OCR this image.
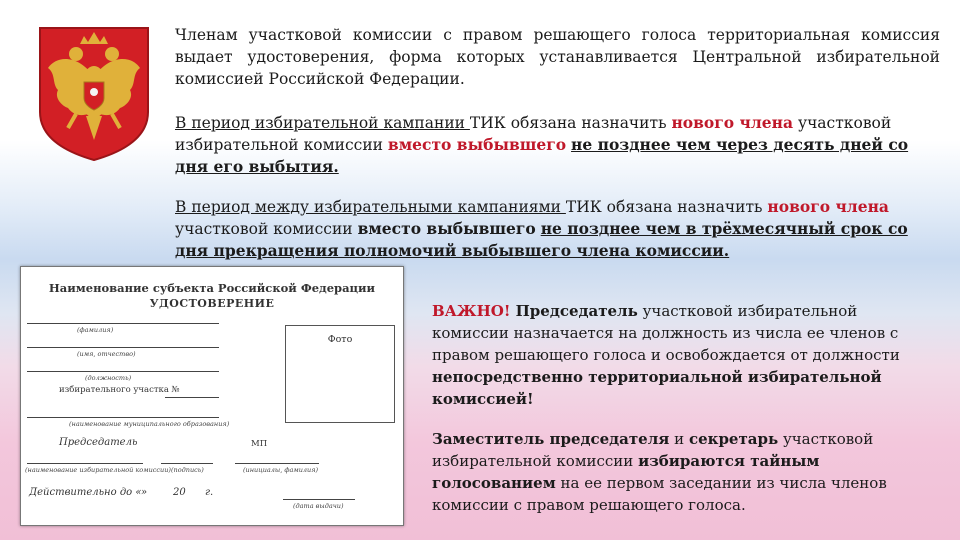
Членам участковой комиссии с правом решающего голоса территориальная комиссия выдает удостоверения, форма которых устанавливается Центральной избирательной комиссией Российской Федерации.
В период избирательной кампании ТИК обязана назначить нового члена участковой избирательной комиссии вместо выбывшего не позднее чем через десять дней со дня его выбытия.
В период между избирательными кампаниями ТИК обязана назначить нового члена участковой комиссии вместо выбывшего не позднее чем в трёхмесячный срок со дня прекращения полномочий выбывшего члена комиссии.
Наименование субъекта Российской Федерации
УДОСТОВЕРЕНИЕ
(фамилия)
(имя, отчество)
(должность)
избирательного участка №
(наименование муниципального образования)
Фото
Председатель	МП
(наименование избирательной комиссии) (подпись)	(инициалы, фамилия)
Действительно до « »	20 г.
(дата выдачи)
ВАЖНО! Председатель участковой избирательной комиссии назначается на должность из числа ее членов с правом решающего голоса и освобождается от должности непосредственно территориальной избирательной комиссией!
Заместитель председателя и секретарь участковой избирательной комиссии избираются тайным голосованием на ее первом заседании из числа членов комиссии с правом решающего голоса.
